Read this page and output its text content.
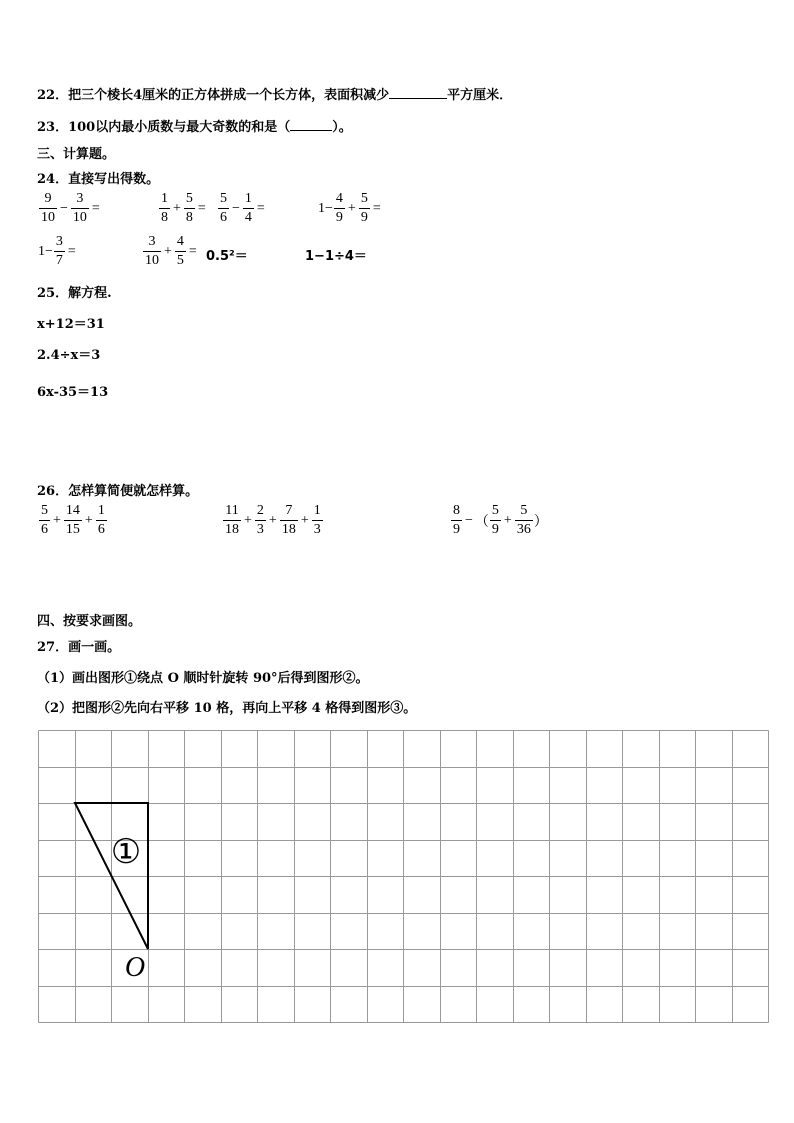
22．把三个棱长4厘米的正方体拼成一个长方体，表面积减少	平方厘米．
23．100以内最小质数与最大奇数的和是（	）。
三、计算题。
24．直接写出得数。
$\frac{9}{10} - \frac{3}{10}$ =	$\frac{1}{8} + \frac{5}{8} = \frac{5}{6} - \frac{1}{4}$ =	$1- \frac{4}{9} + \frac{5}{9}$ =
$1- \frac{3}{7}$ =	$\frac{3}{10} + \frac{4}{5} = 0.5^2=$	1−1÷4＝
25．解方程.
x+12＝31
2.4÷x＝3
6x-35＝13
26．怎样算简便就怎样算。
$\frac{5}{6} + \frac{14}{15} + \frac{1}{6}$	$\frac{11}{18} + \frac{2}{3} + \frac{7}{18} + \frac{1}{3}$	$\frac{8}{9}$ − （ $\frac{5}{9} + \frac{5}{36}$ ）
四、按要求画图。
27．画一画。
（1）画出图形①绕点 O 顺时针旋转 90°后得到图形②。
（2）把图形②先向右平移 10 格，再向上平移 4 格得到图形③。
①
O
